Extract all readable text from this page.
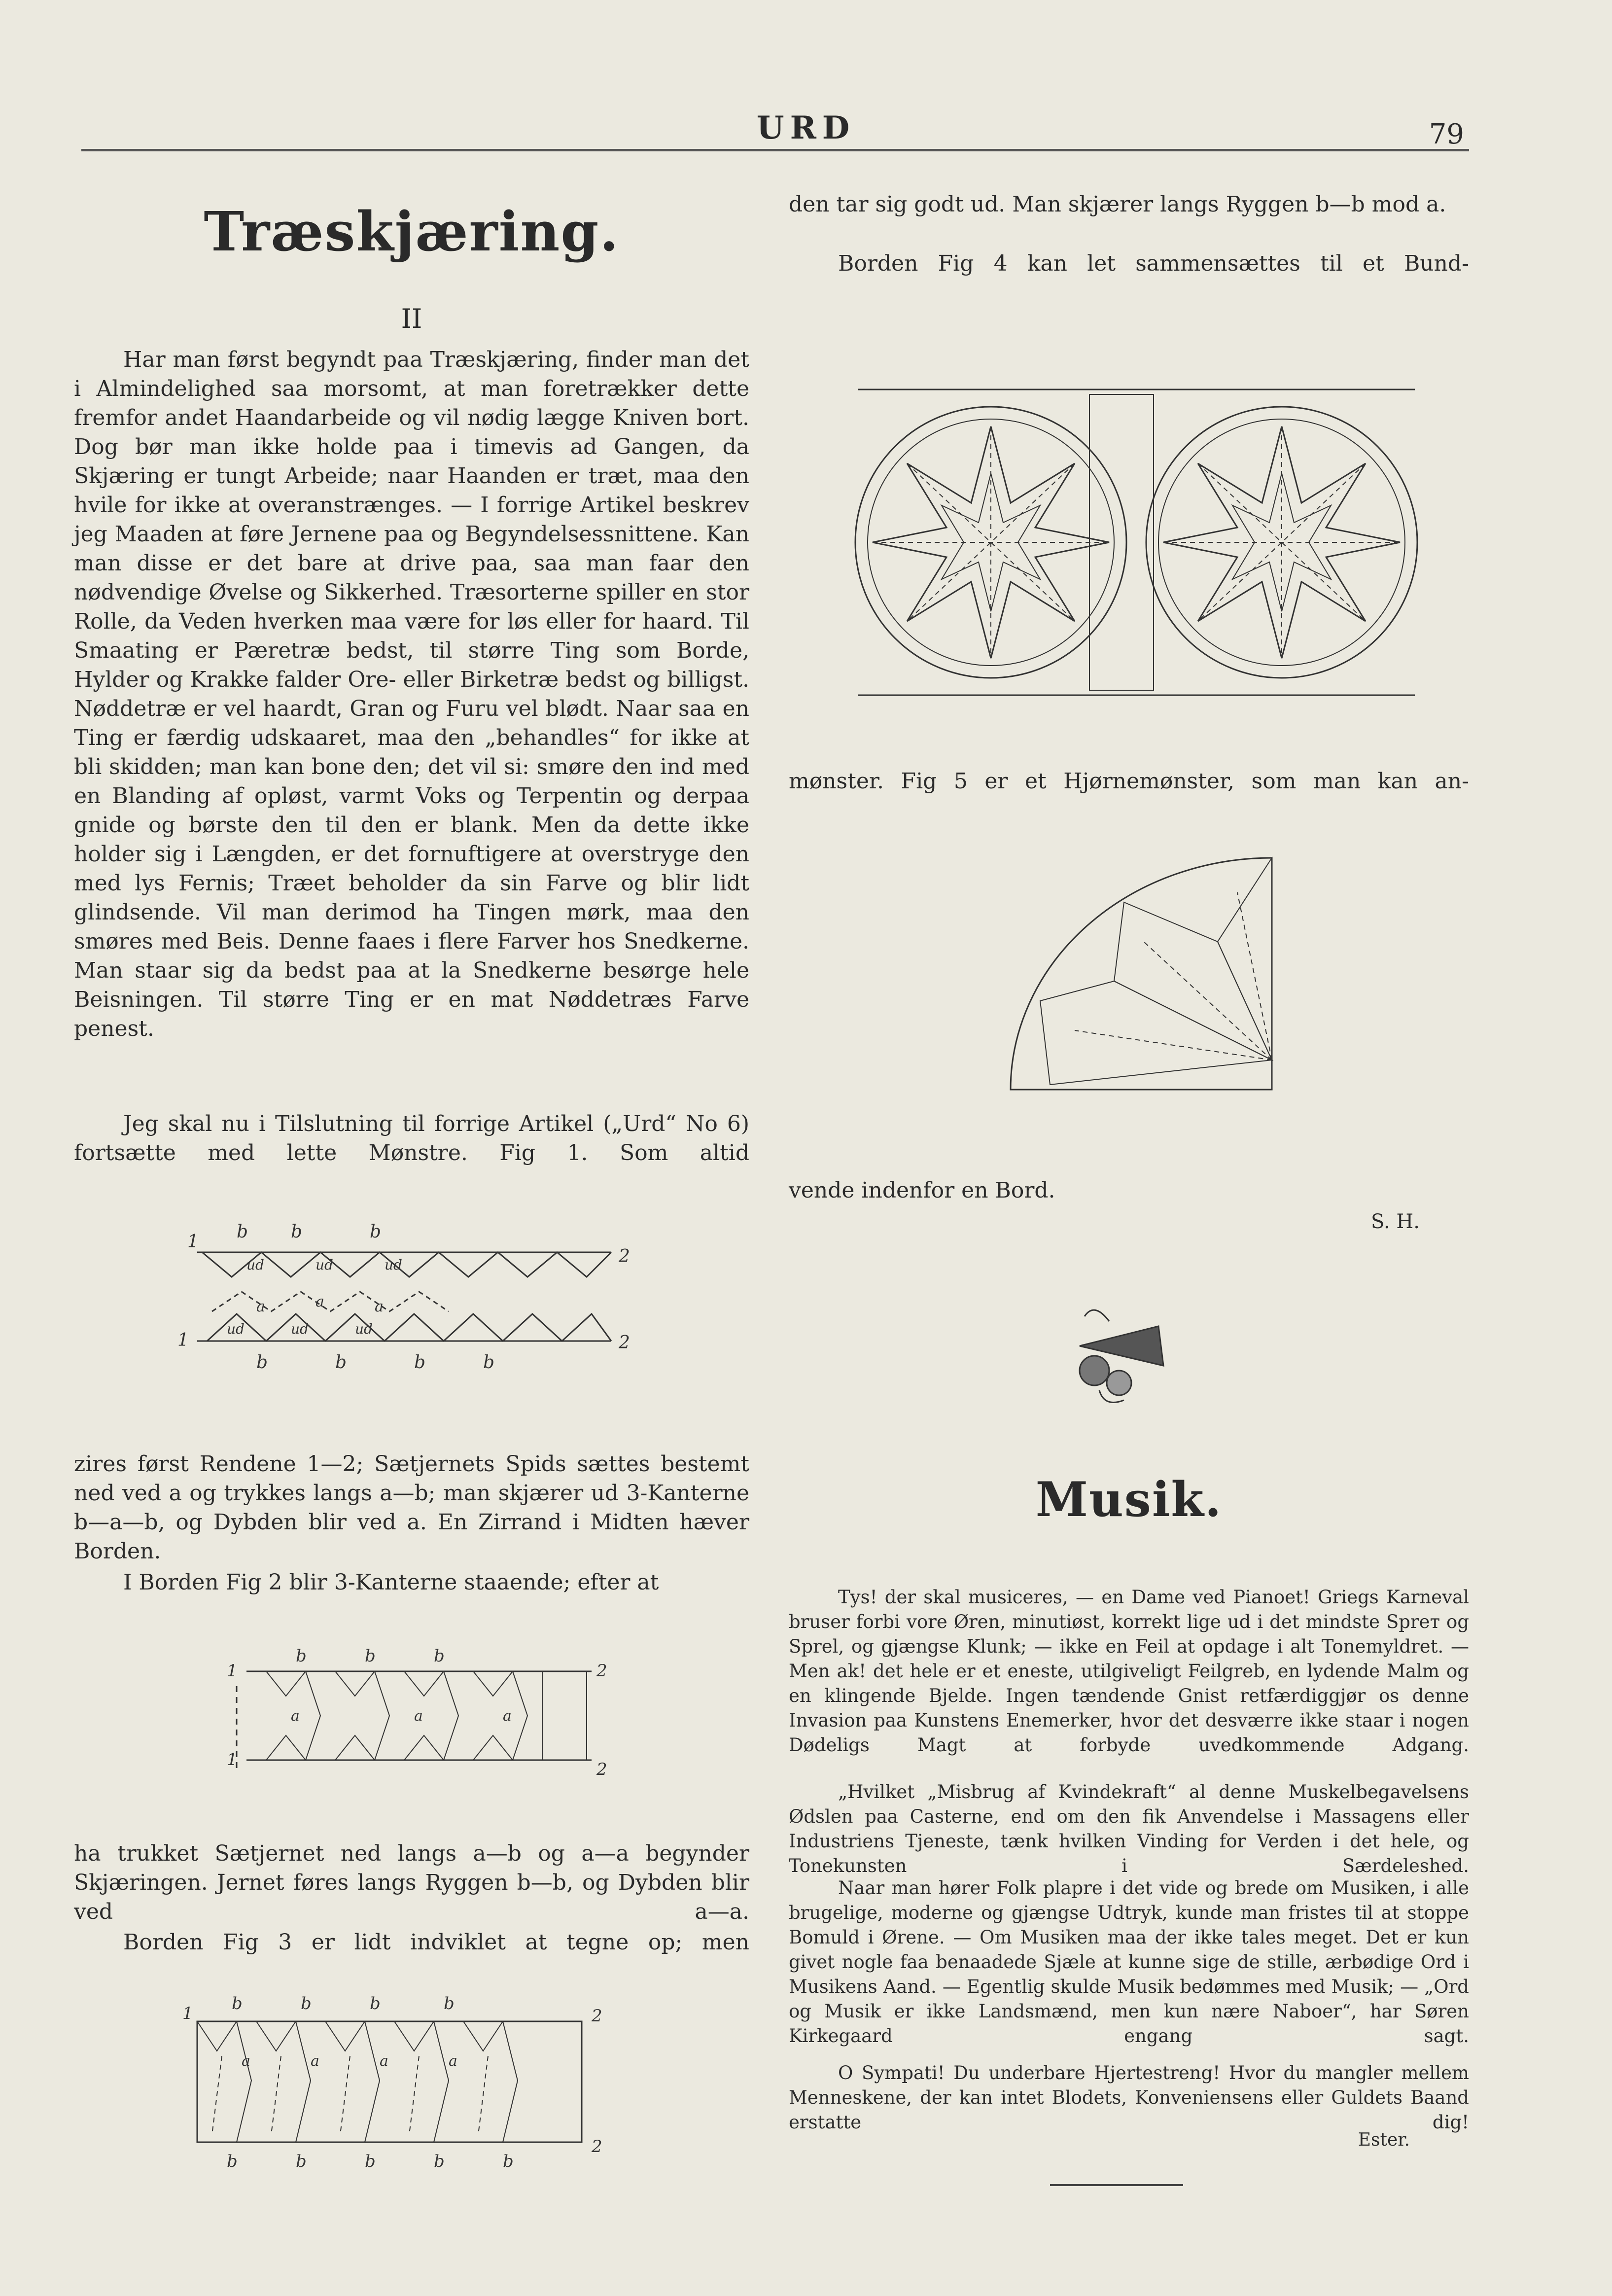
URD	79
Træskjæring.
II

Har man først begyndt paa Træskjæring, finder man det i Almindelighed saa morsomt, at man foretrækker dette fremfor andet Haandarbeide og vil nødig lægge Kniven bort. Dog bør man ikke holde paa i timevis ad Gangen, da Skjæring er tungt Arbeide; naar Haanden er træt, maa den hvile for ikke at overanstrænges. — I forrige Artikel beskrev jeg Maaden at føre Jernene paa og Begyndelsessnittene. Kan man disse er det bare at drive paa, saa man faar den nødvendige Øvelse og Sikkerhed. Træsorterne spiller en stor Rolle, da Veden hverken maa være for løs eller for haard. Til Smaating er Pæretræ bedst, til større Ting som Borde, Hylder og Krakke falder Ore- eller Birketræ bedst og billigst. Nøddetræ er vel haardt, Gran og Furu vel blødt. Naar saa en Ting er færdig udskaaret, maa den „behandles“ for ikke at bli skidden; man kan bone den; det vil si: smøre den ind med en Blanding af opløst, varmt Voks og Terpentin og derpaa gnide og børste den til den er blank. Men da dette ikke holder sig i Længden, er det fornuftigere at overstryge den med lys Fernis; Træet beholder da sin Farve og blir lidt glindsende. Vil man derimod ha Tingen mørk, maa den smøres med Beis. Denne faaes i flere Farver hos Snedkerne. Man staar sig da bedst paa at la Snedkerne besørge hele Beisningen. Til større Ting er en mat Nøddetræs Farve penest.

Jeg skal nu i Tilslutning til forrige Artikel („Urd“ No 6) fortsætte med lette Mønstre. Fig 1. Som altid

1 b b	b
2
ud	ud	ud
a	a	a
1
ud	ud	ud
2
b	b	b	b

zires først Rendene 1—2; Sætjernets Spids sættes bestemt ned ved a og trykkes langs a—b; man skjærer ud 3-Kanterne b—a—b, og Dybden blir ved a. En Zirrand i Midten hæver Borden.

I Borden Fig 2 blir 3-Kanterne staaende; efter at

1
b	b	b
2
a	a	a
1	2

ha trukket Sætjernet ned langs a—b og a—a begynder Skjæringen. Jernet føres langs Ryggen b—b, og Dybden blir ved a—a.

Borden Fig 3 er lidt indviklet at tegne op; men

1 b	b	b	b
2
a	a	a	a
2
b	b	b	b	b

den tar sig godt ud. Man skjærer langs Ryggen b—b mod a.

Borden Fig 4 kan let sammensættes til et Bund-

mønster. Fig 5 er et Hjørnemønster, som man kan an-

vende indenfor en Bord.

S. H.
Musik.

Tys! der skal musiceres, — en Dame ved Pianoet! Griegs Karneval bruser forbi vore Øren, minutiøst, korrekt lige ud i det mindste Sprет og Sprel, og gjængse Klunk; — ikke en Feil at opdage i alt Tonemyldret. — Men ak! det hele er et eneste, utilgiveligt Feilgreb, en lydende Malm og en klingende Bjelde. Ingen tændende Gnist retfærdiggjør os denne Invasion paa Kunstens Enemerker, hvor det desværre ikke staar i nogen Dødeligs Magt at forbyde uvedkommende Adgang.

„Hvilket „Misbrug af Kvindekraft“ al denne Muskelbegavelsens Ødslen paa Casterne, end om den fik Anvendelse i Massagens eller Industriens Tjeneste, tænk hvilken Vinding for Verden i det hele, og Tonekunsten i Særdeleshed.

Naar man hører Folk plapre i det vide og brede om Musiken, i alle brugelige, moderne og gjængse Udtryk, kunde man fristes til at stoppe Bomuld i Ørene. — Om Musiken maa der ikke tales meget. Det er kun givet nogle faa benaadede Sjæle at kunne sige de stille, ærbødige Ord i Musikens Aand. — Egentlig skulde Musik bedømmes med Musik; — „Ord og Musik er ikke Landsmænd, men kun nære Naboer“, har Søren Kirkegaard engang sagt.

O Sympati! Du underbare Hjertestreng! Hvor du mangler mellem Menneskene, der kan intet Blodets, Konveniensens eller Guldets Baand erstatte dig!

Ester.
